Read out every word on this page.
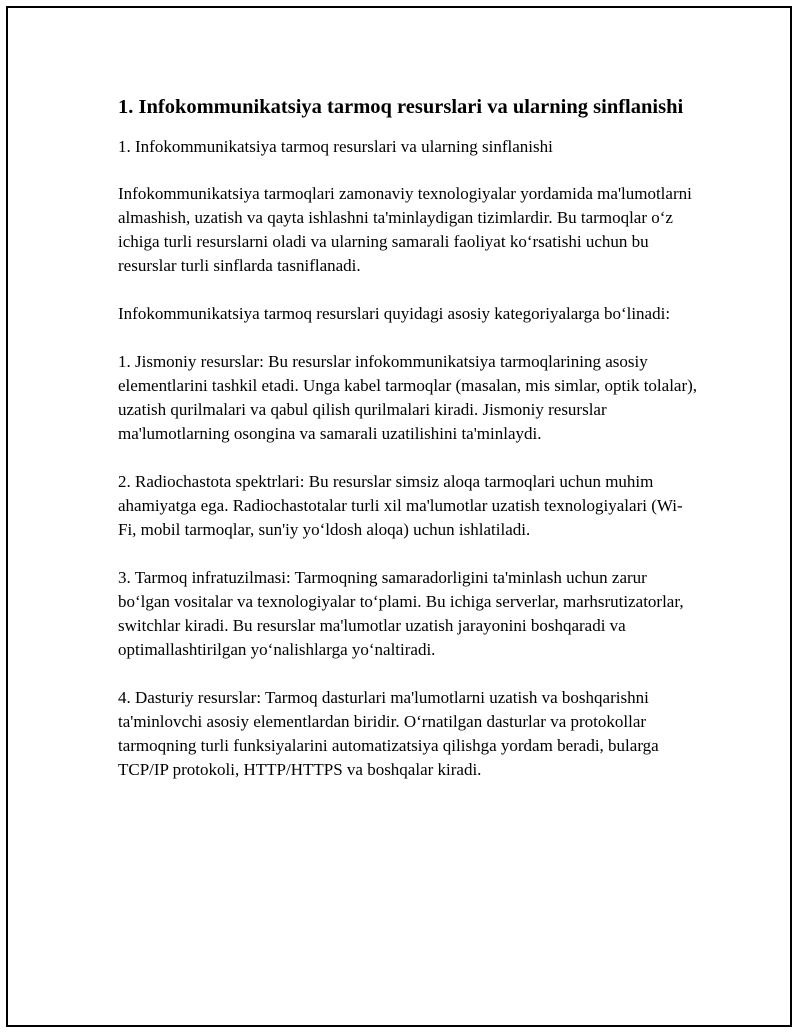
1. Infokommunikatsiya tarmoq resurslari va ularning sinflanishi

1. Infokommunikatsiya tarmoq resurslari va ularning sinflanishi

Infokommunikatsiya tarmoqlari zamonaviy texnologiyalar yordamida ma'lumotlarni almashish, uzatish va qayta ishlashni ta'minlaydigan tizimlardir. Bu tarmoqlar o‘z ichiga turli resurslarni oladi va ularning samarali faoliyat ko‘rsatishi uchun bu resurslar turli sinflarda tasniflanadi.

Infokommunikatsiya tarmoq resurslari quyidagi asosiy kategoriyalarga bo‘linadi:

1. Jismoniy resurslar: Bu resurslar infokommunikatsiya tarmoqlarining asosiy elementlarini tashkil etadi. Unga kabel tarmoqlar (masalan, mis simlar, optik tolalar), uzatish qurilmalari va qabul qilish qurilmalari kiradi. Jismoniy resurslar ma'lumotlarning osongina va samarali uzatilishini ta'minlaydi.

2. Radiochastota spektrlari: Bu resurslar simsiz aloqa tarmoqlari uchun muhim ahamiyatga ega. Radiochastotalar turli xil ma'lumotlar uzatish texnologiyalari (Wi-Fi, mobil tarmoqlar, sun'iy yo‘ldosh aloqa) uchun ishlatiladi.

3. Tarmoq infratuzilmasi: Tarmoqning samaradorligini ta'minlash uchun zarur bo‘lgan vositalar va texnologiyalar to‘plami. Bu ichiga serverlar, marhsrutizatorlar, switchlar kiradi. Bu resurslar ma'lumotlar uzatish jarayonini boshqaradi va optimallashtirilgan yo‘nalishlarga yo‘naltiradi.

4. Dasturiy resurslar: Tarmoq dasturlari ma'lumotlarni uzatish va boshqarishni ta'minlovchi asosiy elementlardan biridir. O‘rnatilgan dasturlar va protokollar tarmoqning turli funksiyalarini automatizatsiya qilishga yordam beradi, bularga TCP/IP protokoli, HTTP/HTTPS va boshqalar kiradi.
